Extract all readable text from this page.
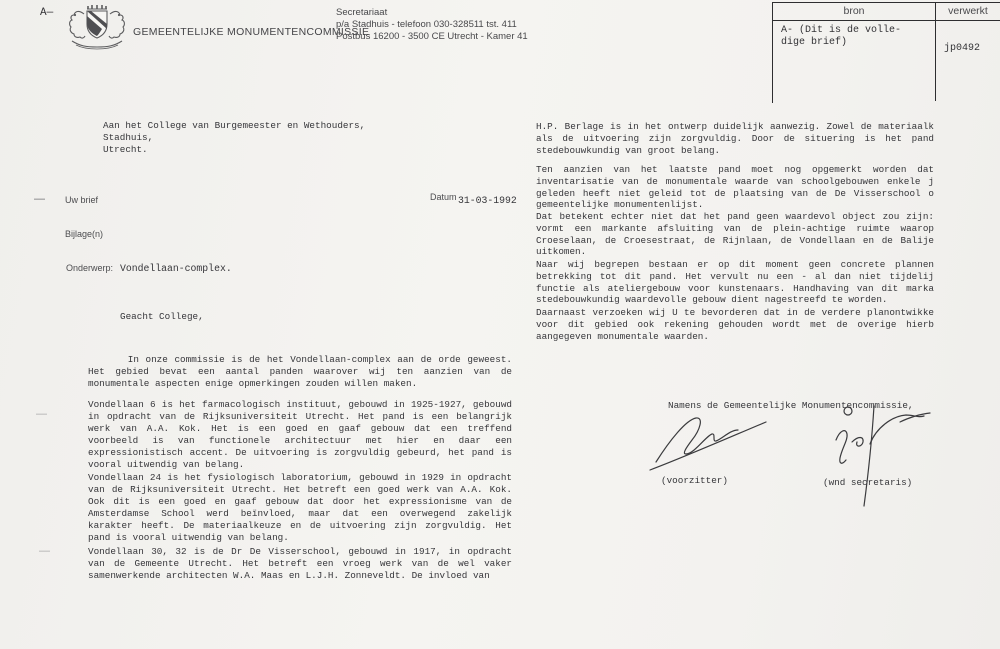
A—
GEMEENTELIJKE MONUMENTENCOMMISSIE
Secretariaat
p/a Stadhuis - telefoon 030-328511 tst. 411
Postbus 16200 - 3500 CE Utrecht - Kamer 41
bron	verwerkt
A- (Dit is de volle-
dige brief)
jp0492
Aan het College van Burgemeester en Wethouders,
Stadhuis,
Utrecht.
— Uw brief	Datum 31-03-1992
Bijlage(n)
Onderwerp: Vondellaan-complex.
—
—
Geacht College,
In onze commissie is de het Vondellaan-complex aan de orde geweest.
Het gebied bevat een aantal panden waarover wij ten aanzien van de
monumentale aspecten enige opmerkingen zouden willen maken.
Vondellaan 6 is het farmacologisch instituut, gebouwd in 1925-1927, gebouwd
in opdracht van de Rijksuniversiteit Utrecht. Het pand is een belangrijk
werk van A.A. Kok. Het is een goed en gaaf gebouw dat een treffend
voorbeeld is van functionele architectuur met hier en daar een
expressionistisch accent. De uitvoering is zorgvuldig gebeurd, het pand is
vooral uitwendig van belang.
Vondellaan 24 is het fysiologisch laboratorium, gebouwd in 1929 in opdracht
van de Rijksuniversiteit Utrecht. Het betreft een goed werk van A.A. Kok.
Ook dit is een goed en gaaf gebouw dat door het expressionisme van de
Amsterdamse School werd beïnvloed, maar dat een overwegend zakelijk
karakter heeft. De materiaalkeuze en de uitvoering zijn zorgvuldig. Het
pand is vooral uitwendig van belang.
Vondellaan 30, 32 is de Dr De Visserschool, gebouwd in 1917, in opdracht
van de Gemeente Utrecht. Het betreft een vroeg werk van de wel vaker
samenwerkende architecten W.A. Maas en L.J.H. Zonneveldt. De invloed van
H.P. Berlage is in het ontwerp duidelijk aanwezig. Zowel de materiaalk
als de uitvoering zijn zorgvuldig. Door de situering is het pand
stedebouwkundig van groot belang.
Ten aanzien van het laatste pand moet nog opgemerkt worden dat
inventarisatie van de monumentale waarde van schoolgebouwen enkele j
geleden heeft niet geleid tot de plaatsing van de De Visserschool o
gemeentelijke monumentenlijst.
Dat betekent echter niet dat het pand geen waardevol object zou zijn:
vormt een markante afsluiting van de plein-achtige ruimte waarop
Croeselaan, de Croesestraat, de Rijnlaan, de Vondellaan en de Balije
uitkomen.
Naar wij begrepen bestaan er op dit moment geen concrete plannen
betrekking tot dit pand. Het vervult nu een - al dan niet tijdelij
functie als ateliergebouw voor kunstenaars. Handhaving van dit marka
stedebouwkundig waardevolle gebouw dient nagestreefd te worden.
Daarnaast verzoeken wij U te bevorderen dat in de verdere planontwikke
voor dit gebied ook rekening gehouden wordt met de overige hierb
aangegeven monumentale waarden.
Namens de Gemeentelijke Monumentencommissie,
(voorzitter)	(wnd secretaris)
